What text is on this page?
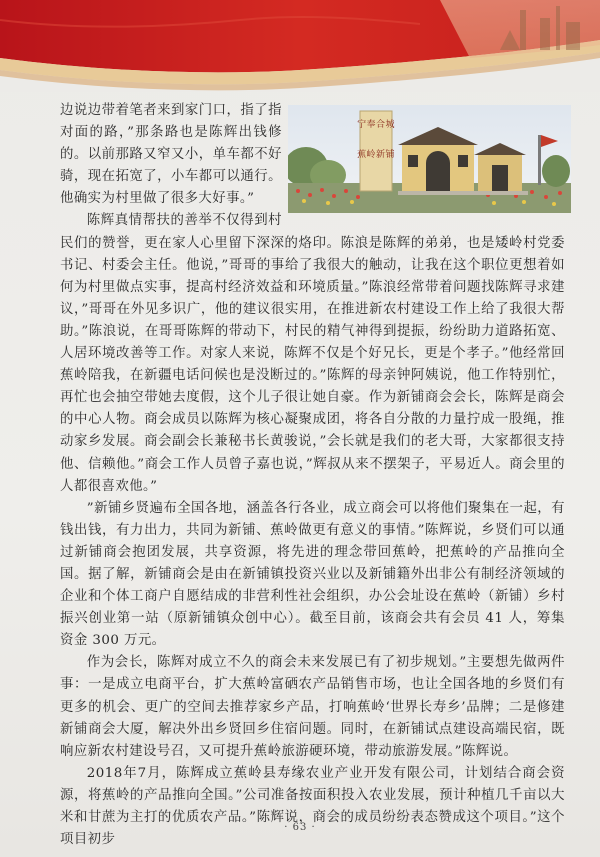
宁奉合城
蕉岭新铺

边说边带着笔者来到家门口，指了指对面的路，”那条路也是陈辉出钱修的。以前那路又窄又小，单车都不好骑，现在拓宽了，小车都可以通行。他确实为村里做了很多大好事。”

陈辉真情帮扶的善举不仅得到村民们的赞誉，更在家人心里留下深深的烙印。陈浪是陈辉的弟弟，也是矮岭村党委书记、村委会主任。他说，”哥哥的事给了我很大的触动，让我在这个职位更想着如何为村里做点实事，提高村经济效益和环境质量。”陈浪经常带着问题找陈辉寻求建议，”哥哥在外见多识广，他的建议很实用，在推进新农村建设工作上给了我很大帮助。”陈浪说，在哥哥陈辉的带动下，村民的精气神得到提振，纷纷助力道路拓宽、人居环境改善等工作。对家人来说，陈辉不仅是个好兄长，更是个孝子。”他经常回蕉岭陪我，在新疆电话问候也是没断过的。”陈辉的母亲钟阿姨说，他工作特别忙，再忙也会抽空带她去度假，这个儿子很让她自豪。作为新铺商会会长，陈辉是商会的中心人物。商会成员以陈辉为核心凝聚成团，将各自分散的力量拧成一股绳，推动家乡发展。商会副会长兼秘书长黄骏说，”会长就是我们的老大哥，大家都很支持他、信赖他。”商会工作人员曾子嘉也说，”辉叔从来不摆架子，平易近人。商会里的人都很喜欢他。”

”新铺乡贤遍布全国各地，涵盖各行各业，成立商会可以将他们聚集在一起，有钱出钱，有力出力，共同为新铺、蕉岭做更有意义的事情。”陈辉说，乡贤们可以通过新铺商会抱团发展，共享资源，将先进的理念带回蕉岭，把蕉岭的产品推向全国。据了解，新铺商会是由在新铺镇投资兴业以及新铺籍外出非公有制经济领域的企业和个体工商户自愿结成的非营利性社会组织，办公会址设在蕉岭（新铺）乡村振兴创业第一站（原新铺镇众创中心）。截至目前，该商会共有会员 41 人，筹集资金 300 万元。

作为会长，陈辉对成立不久的商会未来发展已有了初步规划。”主要想先做两件事：一是成立电商平台，扩大蕉岭富硒农产品销售市场，也让全国各地的乡贤们有更多的机会、更广的空间去推荐家乡产品，打响蕉岭‘世界长寿乡’品牌；二是修建新铺商会大厦，解决外出乡贤回乡住宿问题。同时，在新铺试点建设高端民宿，既响应新农村建设号召，又可提升蕉岭旅游硬环境，带动旅游发展。”陈辉说。

2018年7月，陈辉成立蕉岭县寿缘农业产业开发有限公司，计划结合商会资源，将蕉岭的产品推向全国。”公司准备按面积投入农业发展，预计种植几千亩以大米和甘蔗为主打的优质农产品。”陈辉说，商会的成员纷纷表态赞成这个项目。”这个项目初步

· 63 ·
